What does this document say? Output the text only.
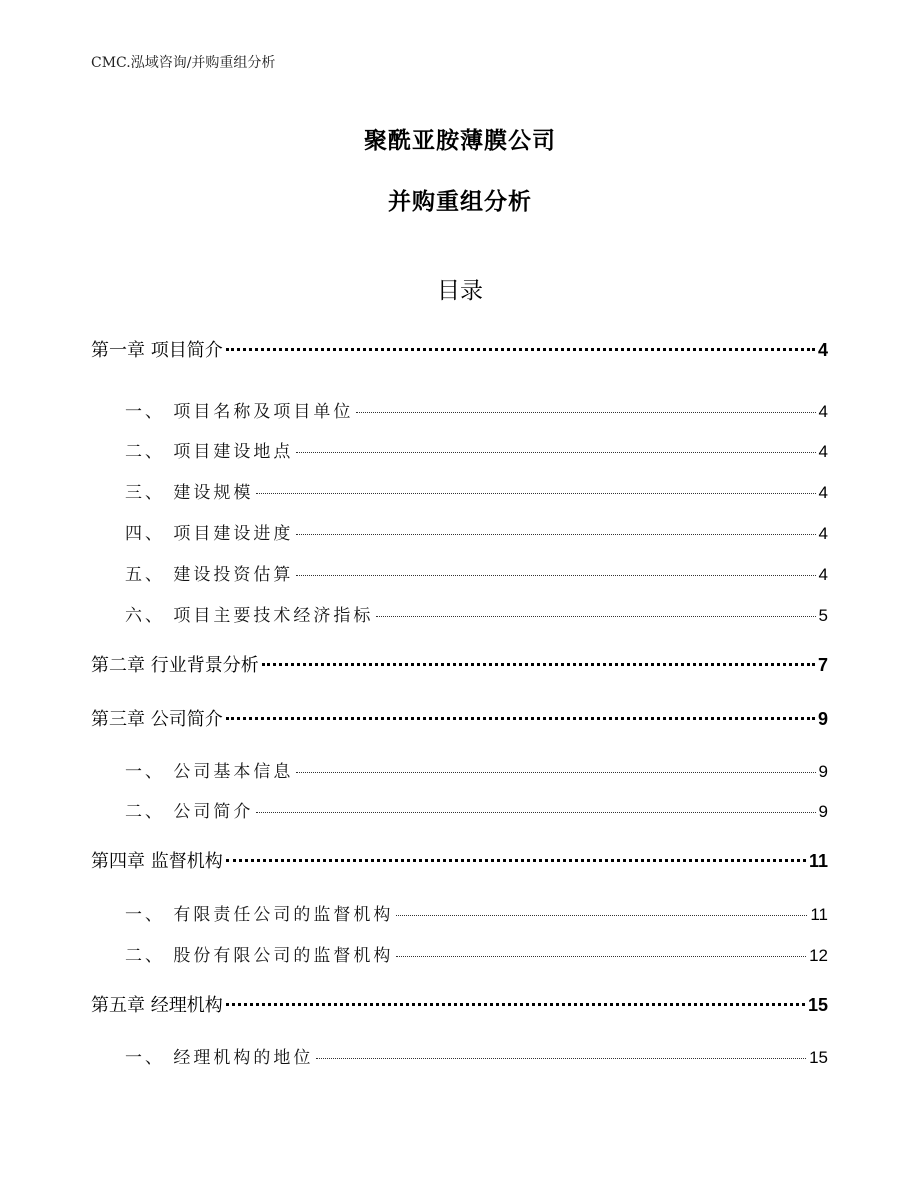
CMC.泓域咨询/并购重组分析
聚酰亚胺薄膜公司
并购重组分析
目录
第一章 项目简介	4
一、 项目名称及项目单位	4
二、 项目建设地点	4
三、 建设规模	4
四、 项目建设进度	4
五、 建设投资估算	4
六、 项目主要技术经济指标	5
第二章 行业背景分析	7
第三章 公司简介	9
一、 公司基本信息	9
二、 公司简介	9
第四章 监督机构	11
一、 有限责任公司的监督机构	11
二、 股份有限公司的监督机构	12
第五章 经理机构	15
一、 经理机构的地位	15
